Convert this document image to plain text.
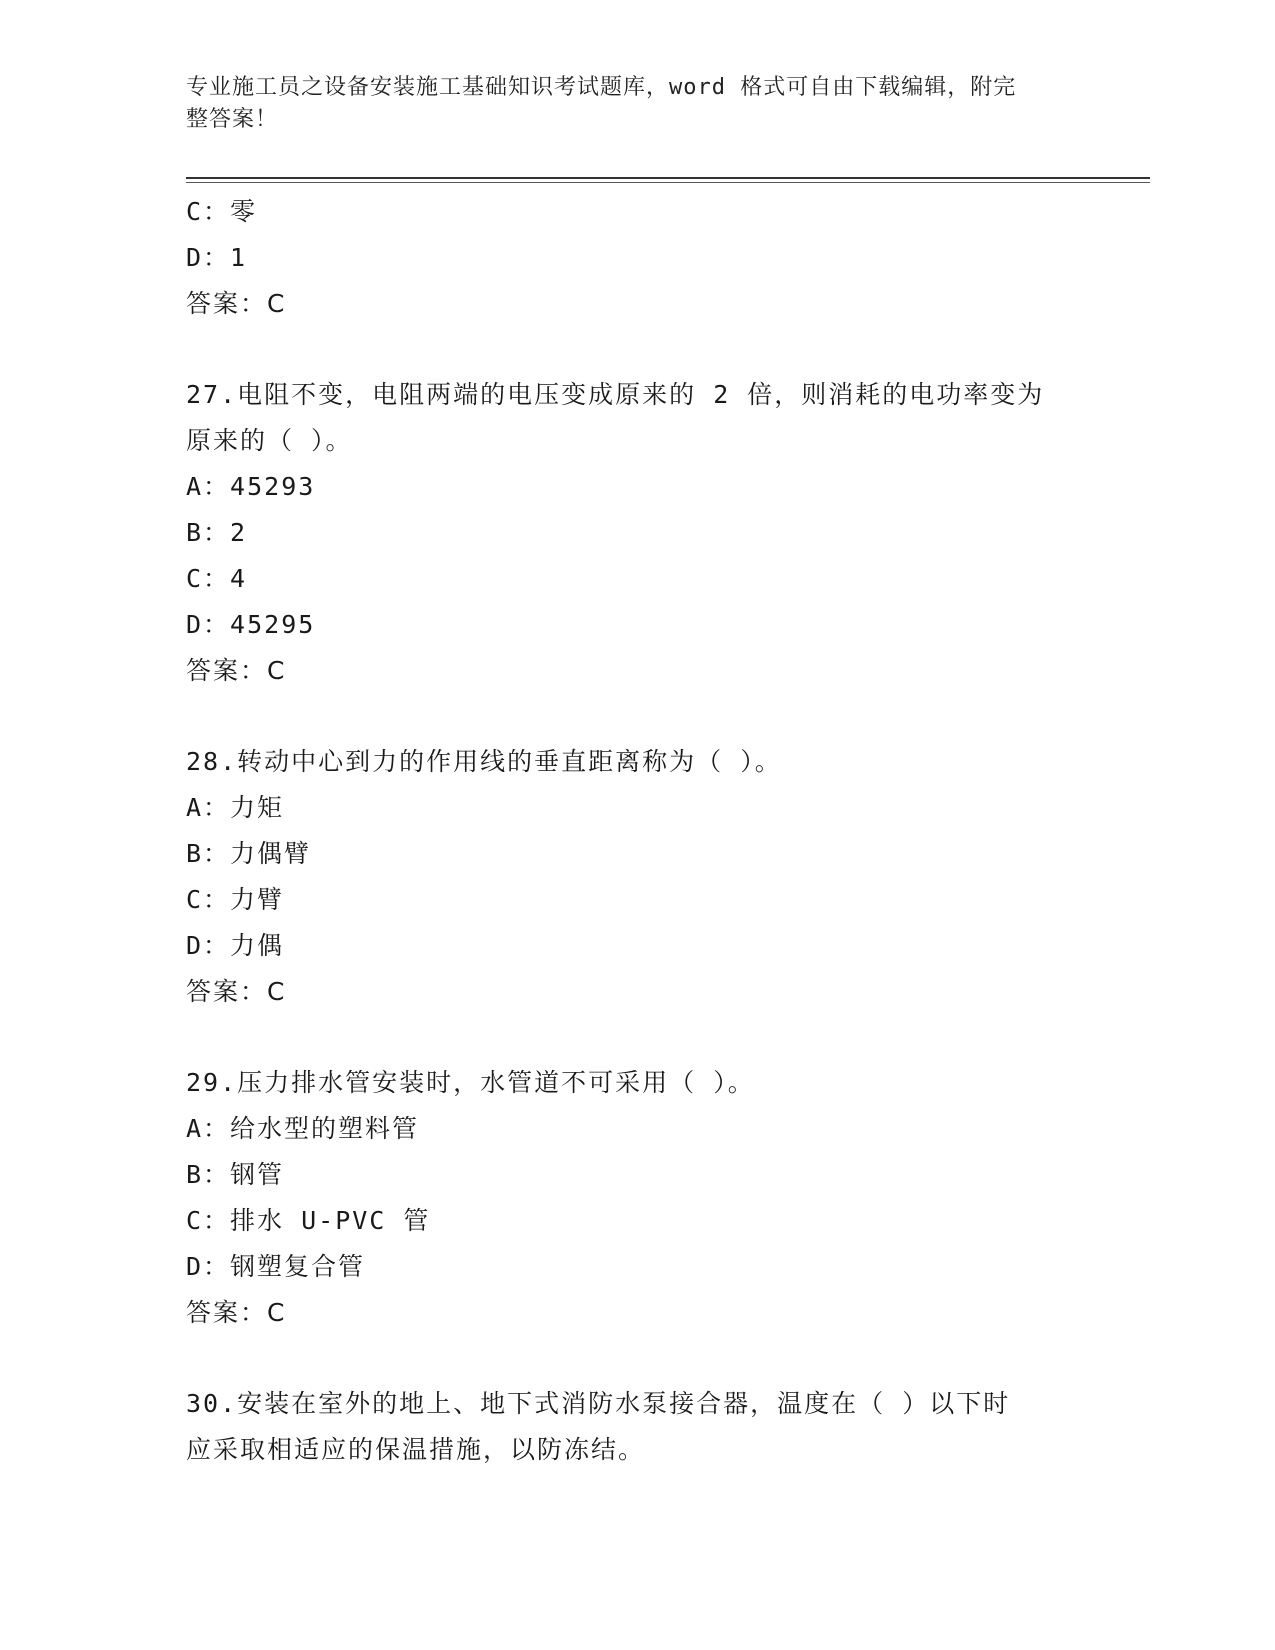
专业施工员之设备安装施工基础知识考试题库，word 格式可自由下载编辑，附完
整答案！
C：零
D：1
答案：C
27.电阻不变，电阻两端的电压变成原来的 2 倍，则消耗的电功率变为
原来的（ ）。
A：45293
B：2
C：4
D：45295
答案：C
28.转动中心到力的作用线的垂直距离称为（ ）。
A：力矩
B：力偶臂
C：力臂
D：力偶
答案：C
29.压力排水管安装时，水管道不可采用（ ）。
A：给水型的塑料管
B：钢管
C：排水 U-PVC 管
D：钢塑复合管
答案：C
30.安装在室外的地上、地下式消防水泵接合器，温度在（ ）以下时
应采取相适应的保温措施，以防冻结。
